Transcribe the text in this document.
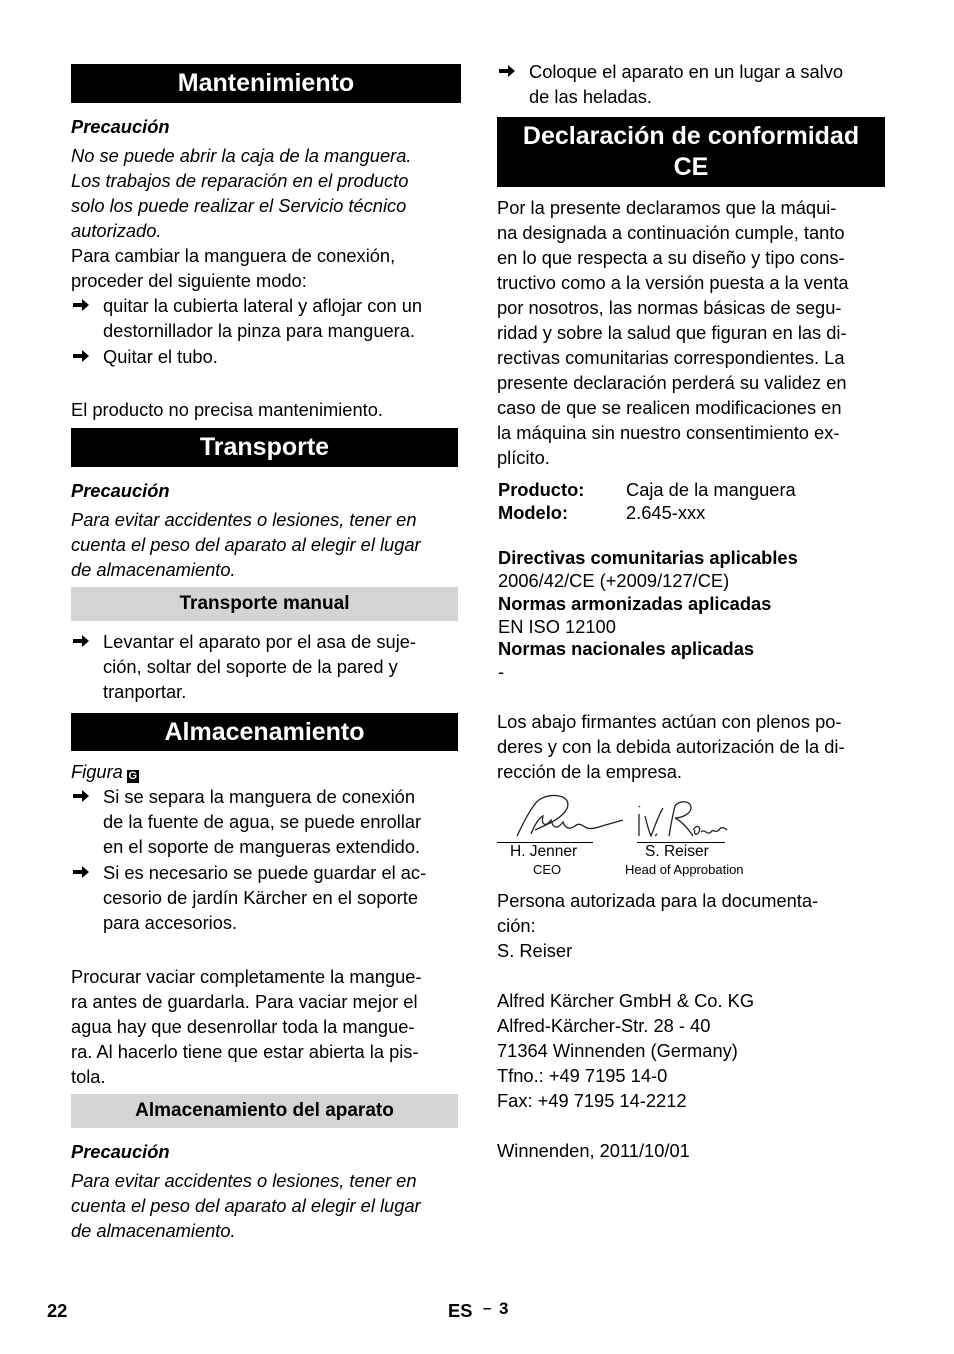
Mantenimiento
Precaución
No se puede abrir la caja de la manguera.
Los trabajos de reparación en el producto
solo los puede realizar el Servicio técnico
autorizado.
Para cambiar la manguera de conexión,
proceder del siguiente modo:
quitar la cubierta lateral y aflojar con un
destornillador la pinza para manguera.
Quitar el tubo.
El producto no precisa mantenimiento.
Transporte
Precaución
Para evitar accidentes o lesiones, tener en
cuenta el peso del aparato al elegir el lugar
de almacenamiento.
Transporte manual
Levantar el aparato por el asa de suje-
ción, soltar del soporte de la pared y
tranportar.
Almacenamiento
Figura G
Si se separa la manguera de conexión
de la fuente de agua, se puede enrollar
en el soporte de mangueras extendido.
Si es necesario se puede guardar el ac-
cesorio de jardín Kärcher en el soporte
para accesorios.
Procurar vaciar completamente la mangue-
ra antes de guardarla. Para vaciar mejor el
agua hay que desenrollar toda la mangue-
ra. Al hacerlo tiene que estar abierta la pis-
tola.
Almacenamiento del aparato
Precaución
Para evitar accidentes o lesiones, tener en
cuenta el peso del aparato al elegir el lugar
de almacenamiento.
Coloque el aparato en un lugar a salvo
de las heladas.
Declaración de conformidad
CE
Por la presente declaramos que la máqui-
na designada a continuación cumple, tanto
en lo que respecta a su diseño y tipo cons-
tructivo como a la versión puesta a la venta
por nosotros, las normas básicas de segu-
ridad y sobre la salud que figuran en las di-
rectivas comunitarias correspondientes. La
presente declaración perderá su validez en
caso de que se realicen modificaciones en
la máquina sin nuestro consentimiento ex-
plícito.
Producto: Caja de la manguera
Modelo:	2.645-xxx
Directivas comunitarias aplicables
2006/42/CE (+2009/127/CE)
Normas armonizadas aplicadas
EN ISO 12100
Normas nacionales aplicadas
-
Los abajo firmantes actúan con plenos po-
deres y con la debida autorización de la di-
rección de la empresa.
H. Jenner
CEO
S. Reiser
Head of Approbation
Persona autorizada para la documenta-
ción:
S. Reiser
Alfred Kärcher GmbH & Co. KG
Alfred-Kärcher-Str. 28 - 40
71364 Winnenden (Germany)
Tfno.: +49 7195 14-0
Fax: +49 7195 14-2212
Winnenden, 2011/10/01
22	ES – 3
